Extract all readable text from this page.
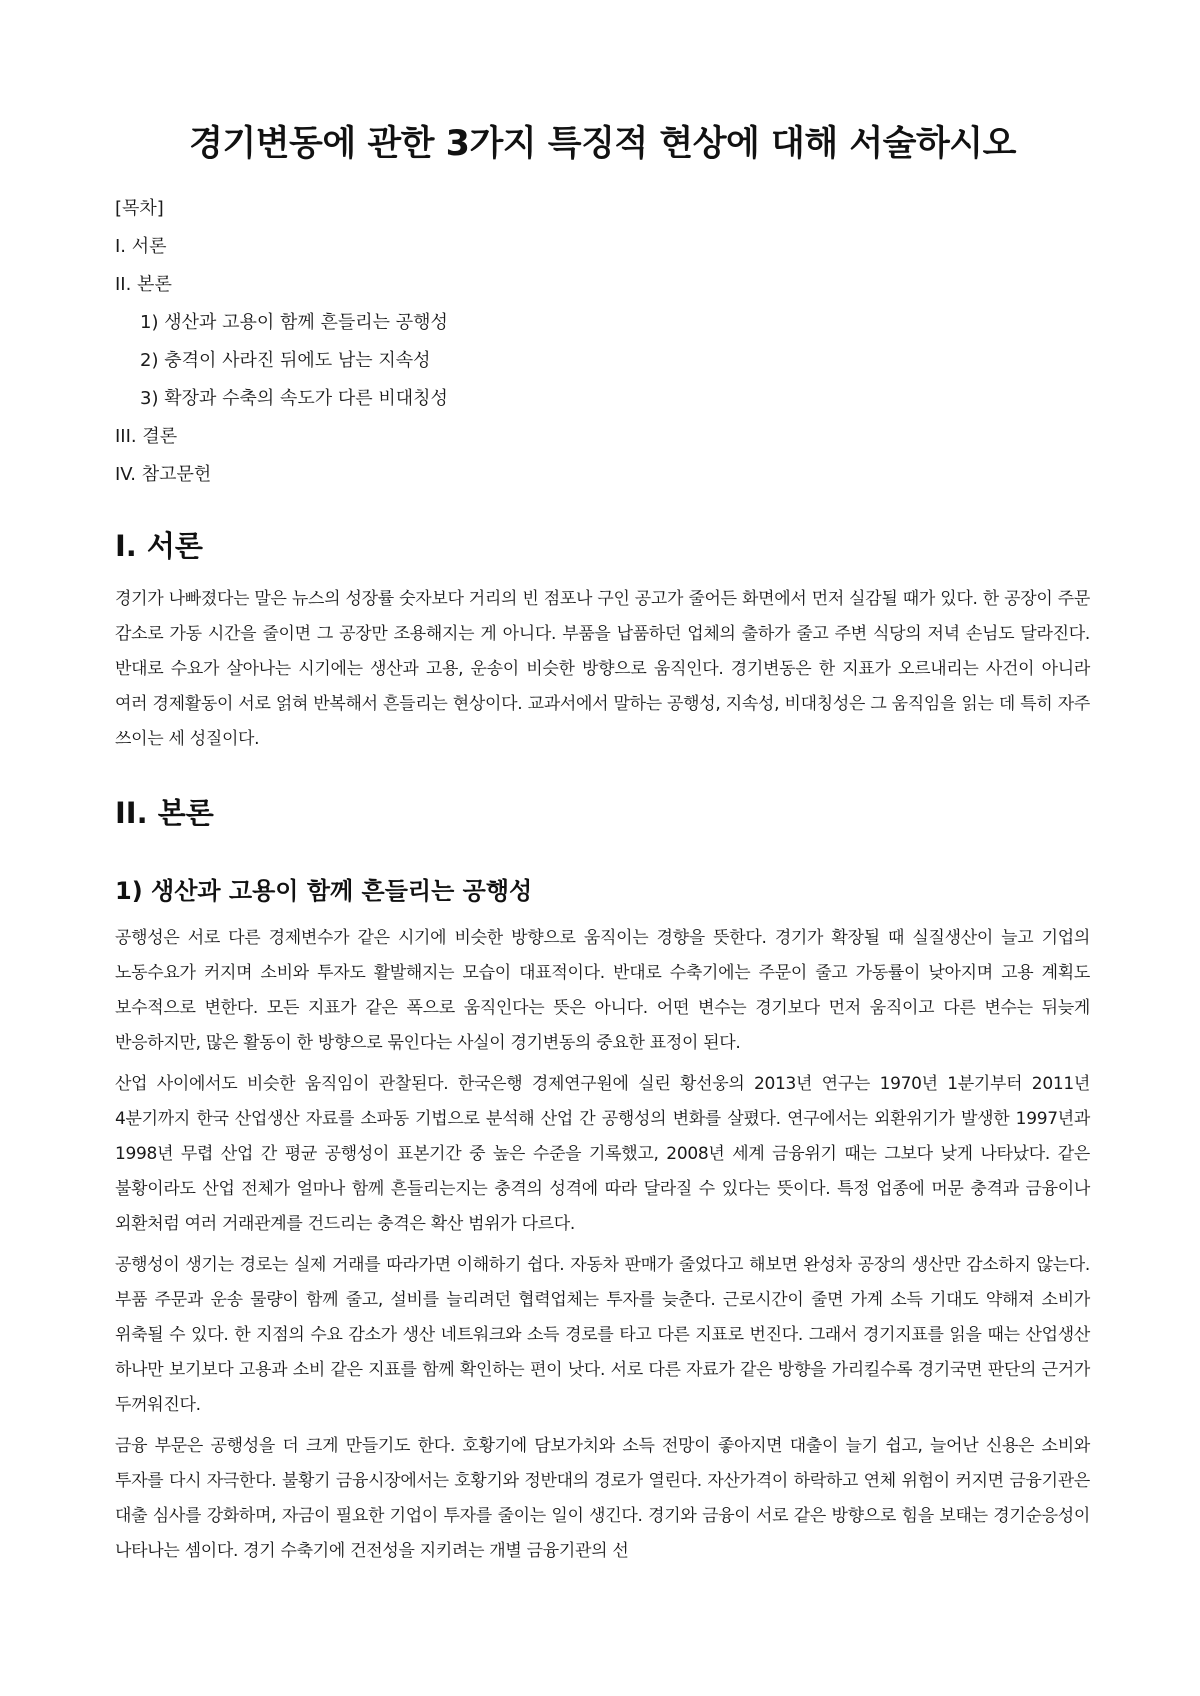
경기변동에 관한 3가지 특징적 현상에 대해 서술하시오
[목차]
I. 서론
II. 본론
1) 생산과 고용이 함께 흔들리는 공행성
2) 충격이 사라진 뒤에도 남는 지속성
3) 확장과 수축의 속도가 다른 비대칭성
III. 결론
IV. 참고문헌
I. 서론

경기가 나빠졌다는 말은 뉴스의 성장률 숫자보다 거리의 빈 점포나 구인 공고가 줄어든 화면에서 먼저 실감될 때가 있다. 한 공장이 주문 감소로 가동 시간을 줄이면 그 공장만 조용해지는 게 아니다. 부품을 납품하던 업체의 출하가 줄고 주변 식당의 저녁 손님도 달라진다. 반대로 수요가 살아나는 시기에는 생산과 고용, 운송이 비슷한 방향으로 움직인다. 경기변동은 한 지표가 오르내리는 사건이 아니라 여러 경제활동이 서로 얽혀 반복해서 흔들리는 현상이다. 교과서에서 말하는 공행성, 지속성, 비대칭성은 그 움직임을 읽는 데 특히 자주 쓰이는 세 성질이다.

II. 본론
1) 생산과 고용이 함께 흔들리는 공행성

공행성은 서로 다른 경제변수가 같은 시기에 비슷한 방향으로 움직이는 경향을 뜻한다. 경기가 확장될 때 실질생산이 늘고 기업의 노동수요가 커지며 소비와 투자도 활발해지는 모습이 대표적이다. 반대로 수축기에는 주문이 줄고 가동률이 낮아지며 고용 계획도 보수적으로 변한다. 모든 지표가 같은 폭으로 움직인다는 뜻은 아니다. 어떤 변수는 경기보다 먼저 움직이고 다른 변수는 뒤늦게 반응하지만, 많은 활동이 한 방향으로 묶인다는 사실이 경기변동의 중요한 표정이 된다.

산업 사이에서도 비슷한 움직임이 관찰된다. 한국은행 경제연구원에 실린 황선웅의 2013년 연구는 1970년 1분기부터 2011년 4분기까지 한국 산업생산 자료를 소파동 기법으로 분석해 산업 간 공행성의 변화를 살폈다. 연구에서는 외환위기가 발생한 1997년과 1998년 무렵 산업 간 평균 공행성이 표본기간 중 높은 수준을 기록했고, 2008년 세계 금융위기 때는 그보다 낮게 나타났다. 같은 불황이라도 산업 전체가 얼마나 함께 흔들리는지는 충격의 성격에 따라 달라질 수 있다는 뜻이다. 특정 업종에 머문 충격과 금융이나 외환처럼 여러 거래관계를 건드리는 충격은 확산 범위가 다르다.

공행성이 생기는 경로는 실제 거래를 따라가면 이해하기 쉽다. 자동차 판매가 줄었다고 해보면 완성차 공장의 생산만 감소하지 않는다. 부품 주문과 운송 물량이 함께 줄고, 설비를 늘리려던 협력업체는 투자를 늦춘다. 근로시간이 줄면 가계 소득 기대도 약해져 소비가 위축될 수 있다. 한 지점의 수요 감소가 생산 네트워크와 소득 경로를 타고 다른 지표로 번진다. 그래서 경기지표를 읽을 때는 산업생산 하나만 보기보다 고용과 소비 같은 지표를 함께 확인하는 편이 낫다. 서로 다른 자료가 같은 방향을 가리킬수록 경기국면 판단의 근거가 두꺼워진다.

금융 부문은 공행성을 더 크게 만들기도 한다. 호황기에 담보가치와 소득 전망이 좋아지면 대출이 늘기 쉽고, 늘어난 신용은 소비와 투자를 다시 자극한다. 불황기 금융시장에서는 호황기와 정반대의 경로가 열린다. 자산가격이 하락하고 연체 위험이 커지면 금융기관은 대출 심사를 강화하며, 자금이 필요한 기업이 투자를 줄이는 일이 생긴다. 경기와 금융이 서로 같은 방향으로 힘을 보태는 경기순응성이 나타나는 셈이다. 경기 수축기에 건전성을 지키려는 개별 금융기관의 선
